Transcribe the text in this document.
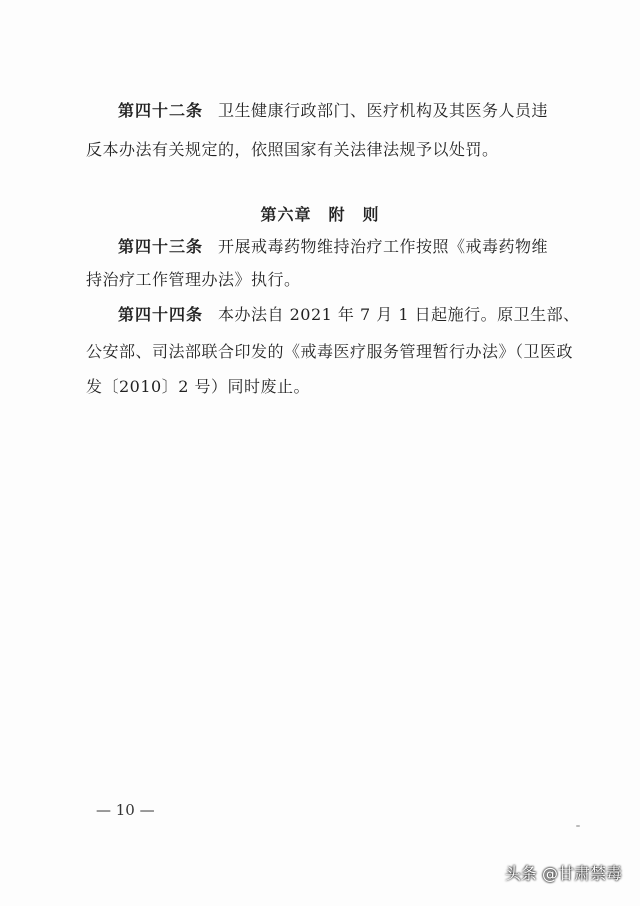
第四十二条 卫生健康行政部门、医疗机构及其医务人员违
反本办法有关规定的，依照国家有关法律法规予以处罚。
第六章　附　则
第四十三条 开展戒毒药物维持治疗工作按照《戒毒药物维
持治疗工作管理办法》执行。
第四十四条 本办法自 2021 年 7 月 1 日起施行。原卫生部、
公安部、司法部联合印发的《戒毒医疗服务管理暂行办法》（卫医政
发〔2010〕2 号）同时废止。
— 10 —
头条 @甘肃禁毒
